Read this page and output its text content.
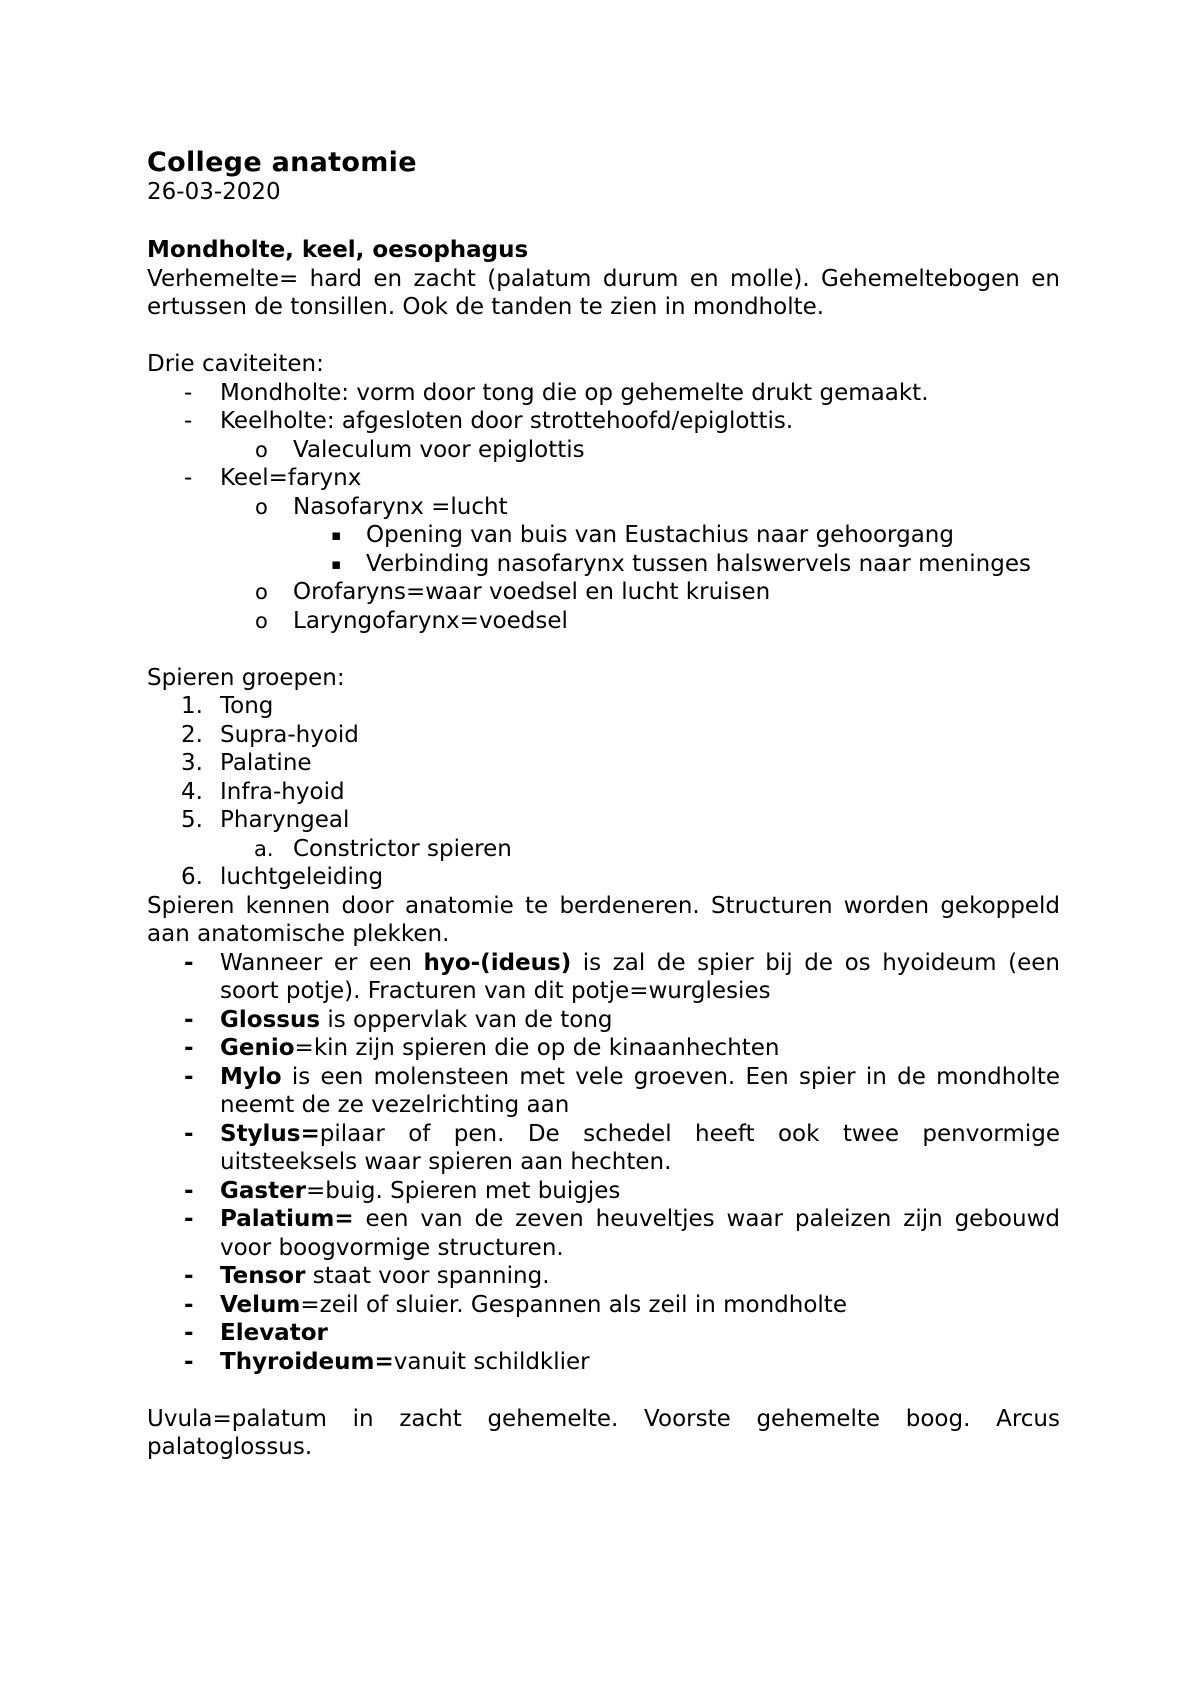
College anatomie
26-03-2020
Mondholte, keel, oesophagus
Verhemelte= hard en zacht (palatum durum en molle). Gehemeltebogen en ertussen de tonsillen. Ook de tanden te zien in mondholte.
Drie caviteiten:
- Mondholte: vorm door tong die op gehemelte drukt gemaakt.
- Keelholte: afgesloten door strottehoofd/epiglottis.
o Valeculum voor epiglottis
- Keel=farynx
o Nasofarynx =lucht
▪ Opening van buis van Eustachius naar gehoorgang
▪ Verbinding nasofarynx tussen halswervels naar meninges
o Orofaryns=waar voedsel en lucht kruisen
o Laryngofarynx=voedsel
Spieren groepen:
1. Tong
2. Supra-hyoid
3. Palatine
4. Infra-hyoid
5. Pharyngeal
a. Constrictor spieren
6. luchtgeleiding
Spieren kennen door anatomie te berdeneren. Structuren worden gekoppeld aan anatomische plekken.
- Wanneer er een hyo-(ideus) is zal de spier bij de os hyoideum (een soort potje). Fracturen van dit potje=wurglesies
- Glossus is oppervlak van de tong
- Genio=kin zijn spieren die op de kinaanhechten
- Mylo is een molensteen met vele groeven. Een spier in de mondholte neemt de ze vezelrichting aan
- Stylus=pilaar of pen. De schedel heeft ook twee penvormige uitsteeksels waar spieren aan hechten.
- Gaster=buig. Spieren met buigjes
- Palatium= een van de zeven heuveltjes waar paleizen zijn gebouwd voor boogvormige structuren.
- Tensor staat voor spanning.
- Velum=zeil of sluier. Gespannen als zeil in mondholte
- Elevator
- Thyroideum=vanuit schildklier
Uvula=palatum in zacht gehemelte. Voorste gehemelte boog. Arcus palatoglossus.
